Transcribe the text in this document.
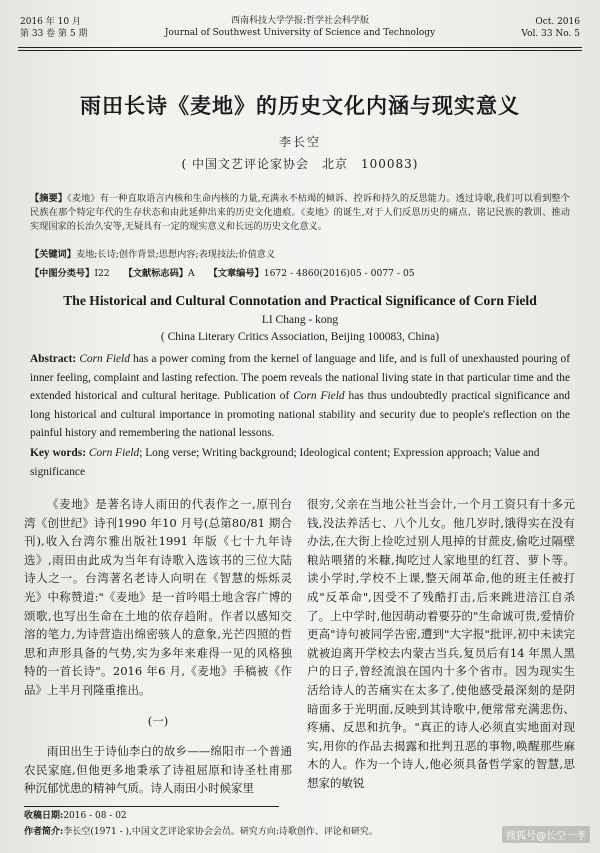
2016 年 10 月
第 33 卷 第 5 期
西南科技大学学报:哲学社会科学版
Journal of Southwest University of Science and Technology
Oct. 2016
Vol. 33 No. 5
雨田长诗《麦地》的历史文化内涵与现实意义
李长空
( 中国文艺评论家协会　北京　100083)
【摘要】《麦地》有一种直取语言内核和生命内核的力量,充满永不枯竭的倾诉、控诉和持久的反思能力。透过诗歌,我们可以看到整个民族在那个特定年代的生存状态和由此延伸出来的历史文化遗痕。《麦地》的诞生,对于人们反思历史的痛点、铭记民族的教训、推动实现国家的长治久安等,无疑具有一定的现实意义和长远的历史文化意义。
【关键词】麦地;长诗;创作背景;思想内容;表现技法;价值意义
【中图分类号】I22 【文献标志码】A 【文章编号】1672 - 4860(2016)05 - 0077 - 05
The Historical and Cultural Connotation and Practical Significance of Corn Field
LI Chang - kong
( China Literary Critics Association, Beijing 100083, China)
Abstract: Corn Field has a power coming from the kernel of language and life, and is full of unexhausted pouring of inner feeling, complaint and lasting refection. The poem reveals the national living state in that particular time and the extended historical and cultural heritage. Publication of Corn Field has thus undoubtedly practical significance and long historical and cultural importance in promoting national stability and security due to people's reflection on the painful history and remembering the national lessons.
Key words: Corn Field; Long verse; Writing background; Ideological content; Expression approach; Value and significance

《麦地》是著名诗人雨田的代表作之一,原刊台湾《创世纪》诗刊1990 年10 月号(总第80/81 期合刊),收入台湾尔雅出版社1991 年版《七十九年诗选》,雨田由此成为当年有诗歌入选该书的三位大陆诗人之一。台湾著名老诗人向明在《智慧的烁烁灵光》中称赞道:"《麦地》是一首吟唱土地含容广博的颂歌,也写出生命在土地的依存趋附。作者以感知交溶的笔力,为诗营造出绵密骇人的意象,光芒四照的哲思和声形具备的气势,实为多年来难得一见的风格独特的一首长诗"。2016 年6 月,《麦地》手稿被《作品》上半月刊隆重推出。

(一)

雨田出生于诗仙李白的故乡——绵阳市一个普通农民家庭,但他更多地秉承了诗祖屈原和诗圣杜甫那种沉郁忧患的精神气质。诗人雨田小时候家里

很穷,父亲在当地公社当会计,一个月工资只有十多元钱,没法养活七、八个儿女。他几岁时,饿得实在没有办法,在大街上捡吃过别人甩掉的甘蔗皮,偷吃过隔壁粮站喂猪的米糠,掏吃过人家地里的红苕、萝卜等。读小学时,学校不上课,整天闹革命,他的班主任被打成"反革命",因受不了残酷打击,后来跳进涪江自杀了。上中学时,他因萌动着要芬的"生命诚可贵,爱情价更高"诗句被同学告密,遭到"大字报"批评,初中未读完就被迫离开学校去内蒙古当兵,复员后有14 年黑人黑户的日子,曾经流浪在国内十多个省市。因为现实生活给诗人的苦痛实在太多了,使他感受最深刻的是阴暗面多于光明面,反映到其诗歌中,便常常充满悲伤、疼痛、反思和抗争。"真正的诗人必须直实地面对现实,用你的作品去揭露和批判丑恶的事物,唤醒那些麻木的人。作为一个诗人,他必须具备哲学家的智慧,思想家的敏锐

收稿日期:2016 - 08 - 02
作者简介:李长空(1971 - ),中国文艺评论家协会会员。研究方向:诗歌创作、评论和研究。	搜狐号@长空一孝
